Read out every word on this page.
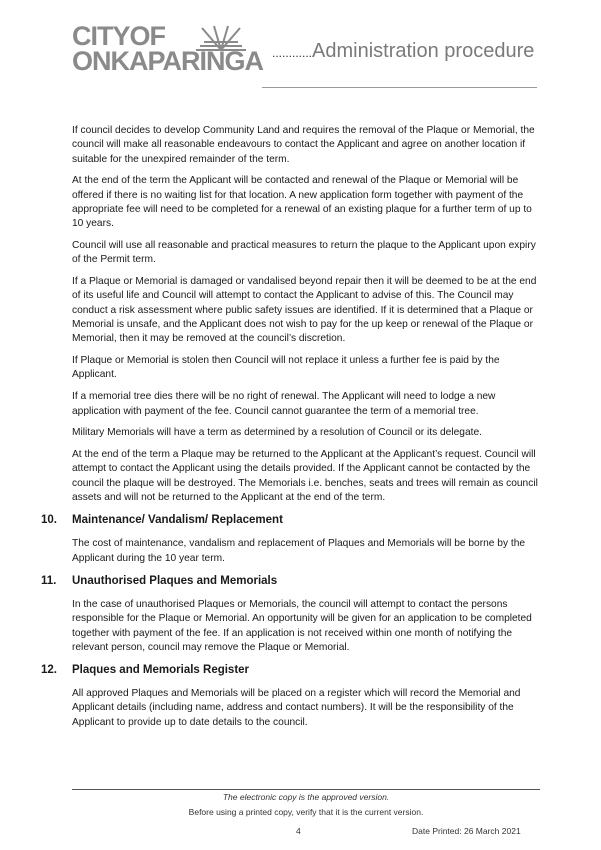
CITYOF
ONKAPARINGA ............Administration procedure

If council decides to develop Community Land and requires the removal of the Plaque or Memorial, the council will make all reasonable endeavours to contact the Applicant and agree on another location if suitable for the unexpired remainder of the term.

At the end of the term the Applicant will be contacted and renewal of the Plaque or Memorial will be offered if there is no waiting list for that location. A new application form together with payment of the appropriate fee will need to be completed for a renewal of an existing plaque for a further term of up to 10 years.

Council will use all reasonable and practical measures to return the plaque to the Applicant upon expiry of the Permit term.

If a Plaque or Memorial is damaged or vandalised beyond repair then it will be deemed to be at the end of its useful life and Council will attempt to contact the Applicant to advise of this. The Council may conduct a risk assessment where public safety issues are identified. If it is determined that a Plaque or Memorial is unsafe, and the Applicant does not wish to pay for the up keep or renewal of the Plaque or Memorial, then it may be removed at the council’s discretion.

If Plaque or Memorial is stolen then Council will not replace it unless a further fee is paid by the Applicant.

If a memorial tree dies there will be no right of renewal. The Applicant will need to lodge a new application with payment of the fee. Council cannot guarantee the term of a memorial tree.

Military Memorials will have a term as determined by a resolution of Council or its delegate.

At the end of the term a Plaque may be returned to the Applicant at the Applicant’s request. Council will attempt to contact the Applicant using the details provided. If the Applicant cannot be contacted by the council the plaque will be destroyed. The Memorials i.e. benches, seats and trees will remain as council assets and will not be returned to the Applicant at the end of the term.

10. Maintenance/ Vandalism/ Replacement

The cost of maintenance, vandalism and replacement of Plaques and Memorials will be borne by the Applicant during the 10 year term.

11. Unauthorised Plaques and Memorials

In the case of unauthorised Plaques or Memorials, the council will attempt to contact the persons responsible for the Plaque or Memorial. An opportunity will be given for an application to be completed together with payment of the fee. If an application is not received within one month of notifying the relevant person, council may remove the Plaque or Memorial.

12. Plaques and Memorials Register

All approved Plaques and Memorials will be placed on a register which will record the Memorial and Applicant details (including name, address and contact numbers). It will be the responsibility of the Applicant to provide up to date details to the council.

The electronic copy is the approved version.
Before using a printed copy, verify that it is the current version.
4	Date Printed: 26 March 2021
